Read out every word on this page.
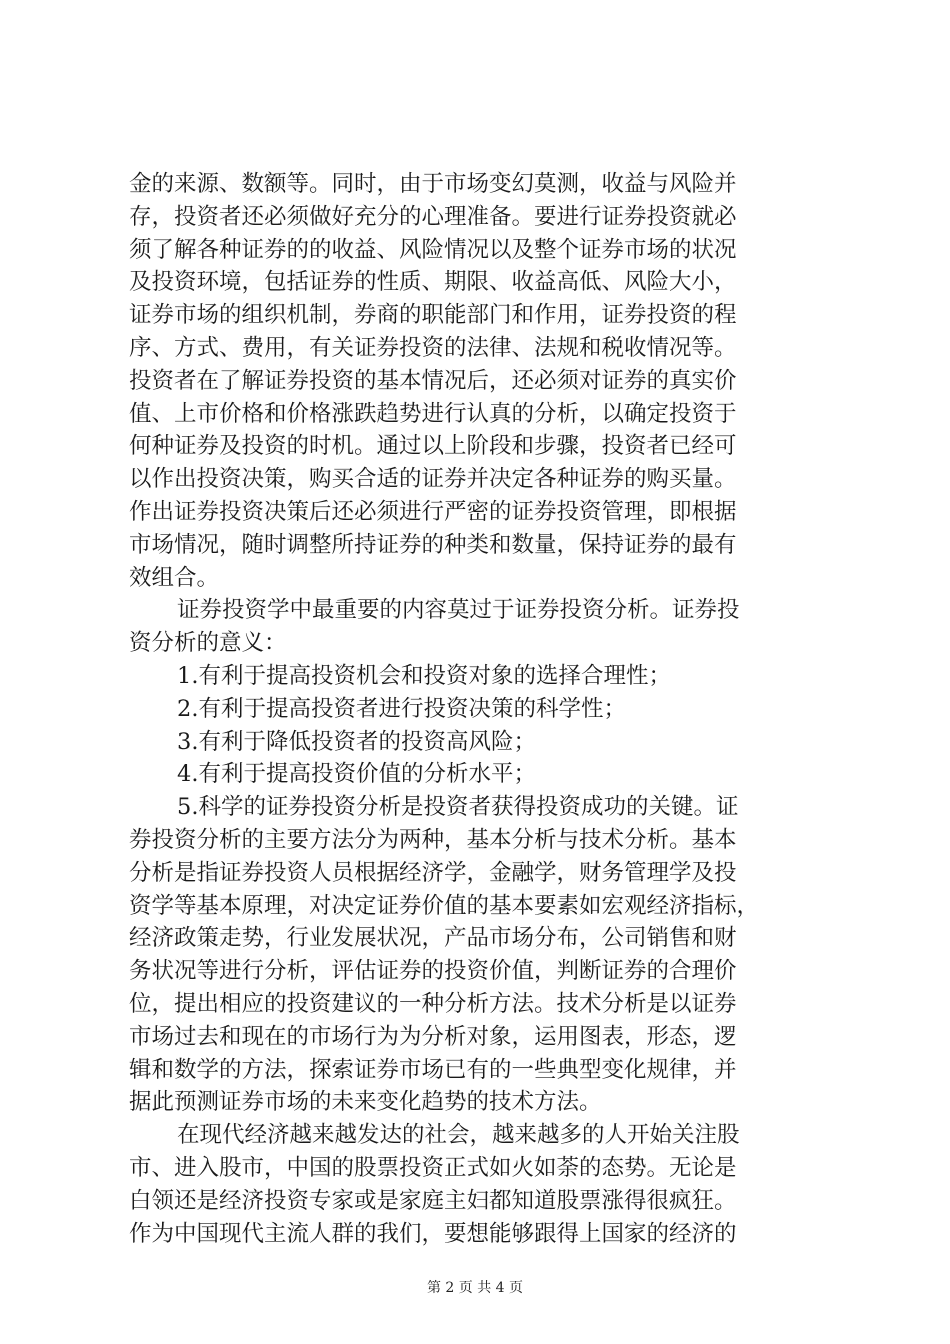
金的来源、数额等。同时，由于市场变幻莫测，收益与风险并
存，投资者还必须做好充分的心理准备。要进行证券投资就必
须了解各种证券的的收益、风险情况以及整个证券市场的状况
及投资环境，包括证券的性质、期限、收益高低、风险大小，
证券市场的组织机制，券商的职能部门和作用，证券投资的程
序、方式、费用，有关证券投资的法律、法规和税收情况等。
投资者在了解证券投资的基本情况后，还必须对证券的真实价
值、上市价格和价格涨跌趋势进行认真的分析，以确定投资于
何种证券及投资的时机。通过以上阶段和步骤，投资者已经可
以作出投资决策，购买合适的证券并决定各种证券的购买量。
作出证券投资决策后还必须进行严密的证券投资管理，即根据
市场情况，随时调整所持证券的种类和数量，保持证券的最有
效组合。
证券投资学中最重要的内容莫过于证券投资分析。证券投
资分析的意义：
1.有利于提高投资机会和投资对象的选择合理性；
2.有利于提高投资者进行投资决策的科学性；
3.有利于降低投资者的投资高风险；
4.有利于提高投资价值的分析水平；
5.科学的证券投资分析是投资者获得投资成功的关键。证
券投资分析的主要方法分为两种，基本分析与技术分析。基本
分析是指证券投资人员根据经济学，金融学，财务管理学及投
资学等基本原理，对决定证券价值的基本要素如宏观经济指标，
经济政策走势，行业发展状况，产品市场分布，公司销售和财
务状况等进行分析，评估证券的投资价值，判断证券的合理价
位，提出相应的投资建议的一种分析方法。技术分析是以证券
市场过去和现在的市场行为为分析对象，运用图表，形态，逻
辑和数学的方法，探索证券市场已有的一些典型变化规律，并
据此预测证券市场的未来变化趋势的技术方法。
在现代经济越来越发达的社会，越来越多的人开始关注股
市、进入股市，中国的股票投资正式如火如荼的态势。无论是
白领还是经济投资专家或是家庭主妇都知道股票涨得很疯狂。
作为中国现代主流人群的我们，要想能够跟得上国家的经济的
第 2 页 共 4 页
